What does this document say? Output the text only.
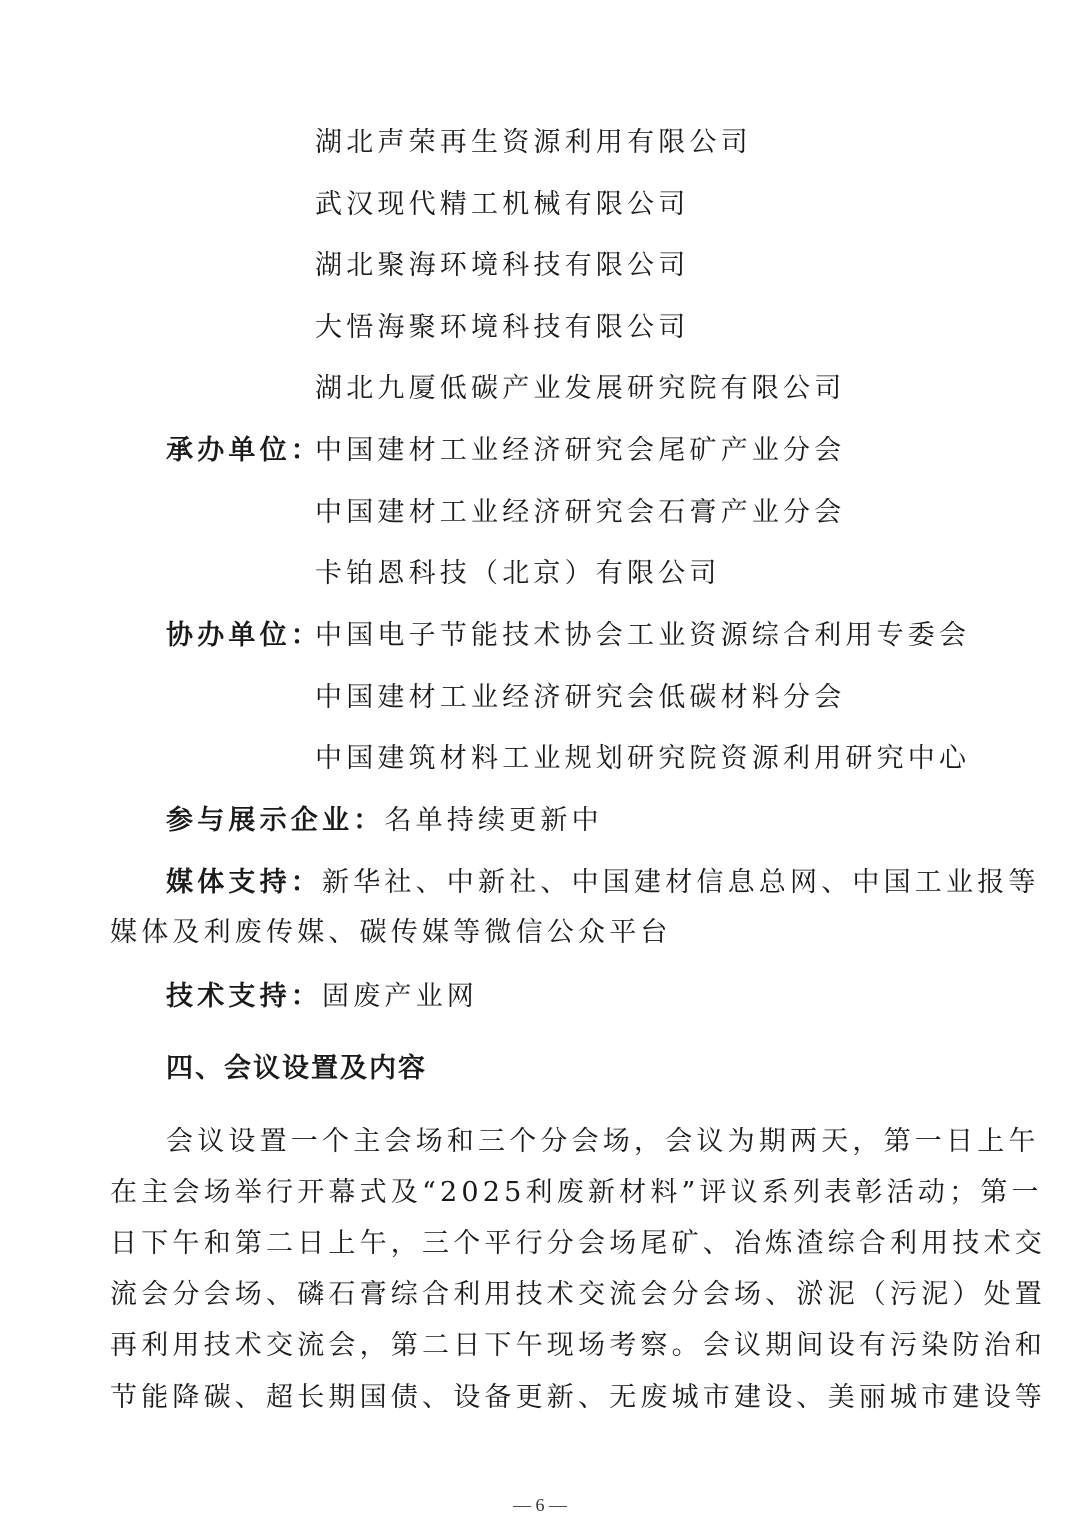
湖北声荣再生资源利用有限公司
武汉现代精工机械有限公司
湖北聚海环境科技有限公司
大悟海聚环境科技有限公司
湖北九厦低碳产业发展研究院有限公司
承办单位：
中国建材工业经济研究会尾矿产业分会
中国建材工业经济研究会石膏产业分会
卡铂恩科技（北京）有限公司
协办单位：
中国电子节能技术协会工业资源综合利用专委会
中国建材工业经济研究会低碳材料分会
中国建筑材料工业规划研究院资源利用研究中心
参与展示企业：名单持续更新中
媒体支持：新华社、中新社、中国建材信息总网、中国工业报等
媒体及利废传媒、碳传媒等微信公众平台
技术支持：固废产业网
四、会议设置及内容
会议设置一个主会场和三个分会场，会议为期两天，第一日上午
在主会场举行开幕式及“2025利废新材料”评议系列表彰活动；第一
日下午和第二日上午，三个平行分会场尾矿、冶炼渣综合利用技术交
流会分会场、磷石膏综合利用技术交流会分会场、淤泥（污泥）处置
再利用技术交流会，第二日下午现场考察。会议期间设有污染防治和
节能降碳、超长期国债、设备更新、无废城市建设、美丽城市建设等
— 6 —
